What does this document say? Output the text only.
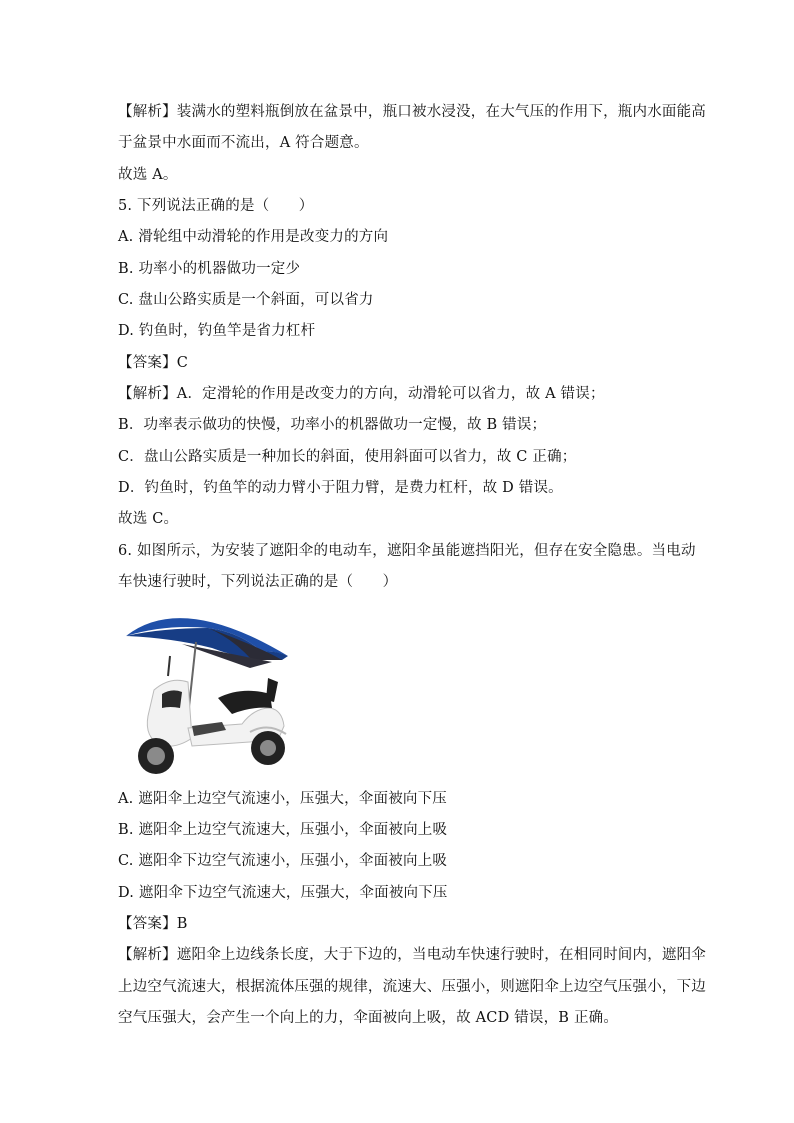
【解析】装满水的塑料瓶倒放在盆景中，瓶口被水浸没，在大气压的作用下，瓶内水面能高
于盆景中水面而不流出，A 符合题意。
故选 A。
5. 下列说法正确的是（　　）
A. 滑轮组中动滑轮的作用是改变力的方向
B. 功率小的机器做功一定少
C. 盘山公路实质是一个斜面，可以省力
D. 钓鱼时，钓鱼竿是省力杠杆
【答案】C
【解析】A．定滑轮的作用是改变力的方向，动滑轮可以省力，故 A 错误；
B．功率表示做功的快慢，功率小的机器做功一定慢，故 B 错误；
C．盘山公路实质是一种加长的斜面，使用斜面可以省力，故 C 正确；
D．钓鱼时，钓鱼竿的动力臂小于阻力臂，是费力杠杆，故 D 错误。
故选 C。
6. 如图所示，为安装了遮阳伞的电动车，遮阳伞虽能遮挡阳光，但存在安全隐患。当电动
车快速行驶时，下列说法正确的是（　　）
A. 遮阳伞上边空气流速小，压强大，伞面被向下压
B. 遮阳伞上边空气流速大，压强小，伞面被向上吸
C. 遮阳伞下边空气流速小，压强小，伞面被向上吸
D. 遮阳伞下边空气流速大，压强大，伞面被向下压
【答案】B
【解析】遮阳伞上边线条长度，大于下边的，当电动车快速行驶时，在相同时间内，遮阳伞
上边空气流速大，根据流体压强的规律，流速大、压强小，则遮阳伞上边空气压强小，下边
空气压强大，会产生一个向上的力，伞面被向上吸，故 ACD 错误，B 正确。
